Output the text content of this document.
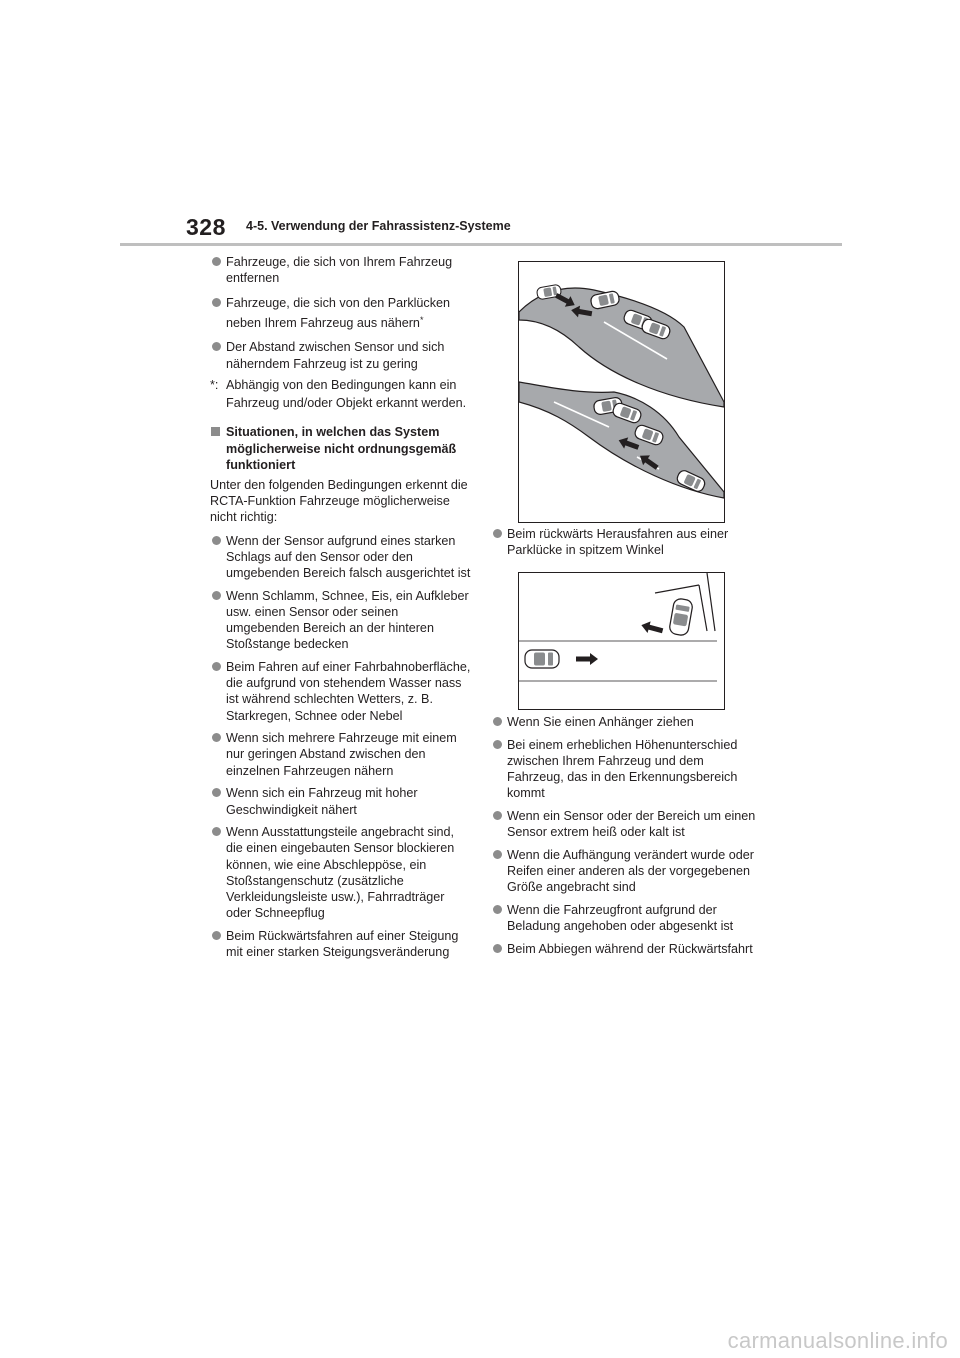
328 4-5. Verwendung der Fahrassistenz-Systeme
Fahrzeuge, die sich von Ihrem Fahrzeug entfernen
Fahrzeuge, die sich von den Parklücken neben Ihrem Fahrzeug aus nähern*
Der Abstand zwischen Sensor und sich näherndem Fahrzeug ist zu gering
*: Abhängig von den Bedingungen kann ein Fahrzeug und/oder Objekt erkannt werden.
Situationen, in welchen das System möglicherweise nicht ordnungsgemäß funktioniert
Unter den folgenden Bedingungen erkennt die RCTA-Funktion Fahrzeuge möglicherweise nicht richtig:
Wenn der Sensor aufgrund eines starken Schlags auf den Sensor oder den umgebenden Bereich falsch ausgerichtet ist
Wenn Schlamm, Schnee, Eis, ein Aufkleber usw. einen Sensor oder seinen umgebenden Bereich an der hinteren Stoßstange bedecken
Beim Fahren auf einer Fahrbahnoberfläche, die aufgrund von stehendem Wasser nass ist während schlechten Wetters, z. B. Starkregen, Schnee oder Nebel
Wenn sich mehrere Fahrzeuge mit einem nur geringen Abstand zwischen den einzelnen Fahrzeugen nähern
Wenn sich ein Fahrzeug mit hoher Geschwindigkeit nähert
Wenn Ausstattungsteile angebracht sind, die einen eingebauten Sensor blockieren können, wie eine Abschleppöse, ein Stoßstangenschutz (zusätzliche Verkleidungsleiste usw.), Fahrradträger oder Schneepflug
Beim Rückwärtsfahren auf einer Steigung mit einer starken Steigungsveränderung
Beim rückwärts Herausfahren aus einer Parklücke in spitzem Winkel
Wenn Sie einen Anhänger ziehen
Bei einem erheblichen Höhenunterschied zwischen Ihrem Fahrzeug und dem Fahrzeug, das in den Erkennungsbereich kommt
Wenn ein Sensor oder der Bereich um einen Sensor extrem heiß oder kalt ist
Wenn die Aufhängung verändert wurde oder Reifen einer anderen als der vorgegebenen Größe angebracht sind
Wenn die Fahrzeugfront aufgrund der Beladung angehoben oder abgesenkt ist
Beim Abbiegen während der Rückwärtsfahrt
carmanualsonline.info
